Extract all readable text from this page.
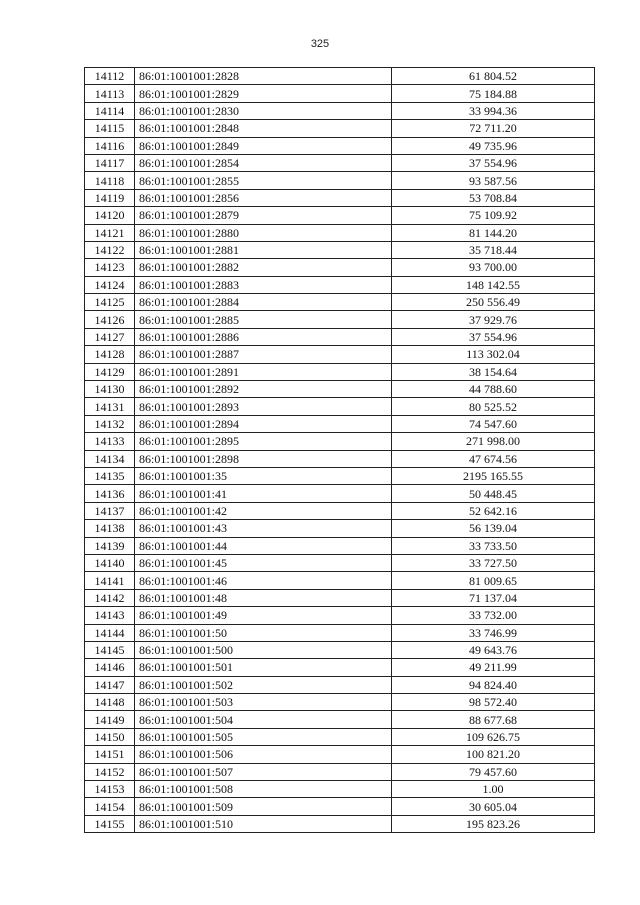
325
14112	86:01:1001001:2828	61 804.52
14113	86:01:1001001:2829	75 184.88
14114	86:01:1001001:2830	33 994.36
14115	86:01:1001001:2848	72 711.20
14116	86:01:1001001:2849	49 735.96
14117	86:01:1001001:2854	37 554.96
14118	86:01:1001001:2855	93 587.56
14119	86:01:1001001:2856	53 708.84
14120	86:01:1001001:2879	75 109.92
14121	86:01:1001001:2880	81 144.20
14122	86:01:1001001:2881	35 718.44
14123	86:01:1001001:2882	93 700.00
14124	86:01:1001001:2883	148 142.55
14125	86:01:1001001:2884	250 556.49
14126	86:01:1001001:2885	37 929.76
14127	86:01:1001001:2886	37 554.96
14128	86:01:1001001:2887	113 302.04
14129	86:01:1001001:2891	38 154.64
14130	86:01:1001001:2892	44 788.60
14131	86:01:1001001:2893	80 525.52
14132	86:01:1001001:2894	74 547.60
14133	86:01:1001001:2895	271 998.00
14134	86:01:1001001:2898	47 674.56
14135	86:01:1001001:35	2195 165.55
14136	86:01:1001001:41	50 448.45
14137	86:01:1001001:42	52 642.16
14138	86:01:1001001:43	56 139.04
14139	86:01:1001001:44	33 733.50
14140	86:01:1001001:45	33 727.50
14141	86:01:1001001:46	81 009.65
14142	86:01:1001001:48	71 137.04
14143	86:01:1001001:49	33 732.00
14144	86:01:1001001:50	33 746.99
14145	86:01:1001001:500	49 643.76
14146	86:01:1001001:501	49 211.99
14147	86:01:1001001:502	94 824.40
14148	86:01:1001001:503	98 572.40
14149	86:01:1001001:504	88 677.68
14150	86:01:1001001:505	109 626.75
14151	86:01:1001001:506	100 821.20
14152	86:01:1001001:507	79 457.60
14153	86:01:1001001:508	1.00
14154	86:01:1001001:509	30 605.04
14155	86:01:1001001:510	195 823.26
